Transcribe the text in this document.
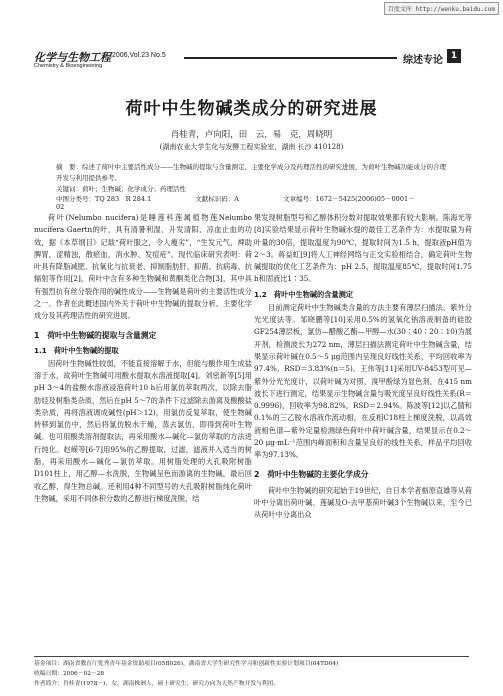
百度文库 http://wenku.baidu.com
化学与生物工程 2006,Vol.23 No.5
Chemistry & Bioengineering	综述专论 1
荷叶中生物碱类成分的研究进展
肖桂青，卢向阳，田　云，易　克，周晓明
(湖南农业大学生化与发酵工程实验室，湖南 长沙 410128)
摘　要：综述了荷叶中主要活性成分——生物碱的提取与含量测定、主要化学成分及药理活性的研究进展，为荷叶生物碱功能成分的合理开发与利用提供参考。
关键词：荷叶；生物碱；化学成分；药理活性
中图分类号：TQ 283　R 284.1	文献标识码：A	文章编号：1672－5425(2006)05－0001－02

荷叶(Nelumbo nucifera)是睡莲科莲属植物莲Nelumbo nucifera Gaertn的叶，具有清暑利湿、升发清阳、凉血止血的功效，据《本草纲目》记载“荷叶服之，令人瘦劣”，“生发元气，裨助脾胃，涩精浊，散瘀血，消水肿、发痘疮”。现代临床研究表明：荷叶具有降脂减肥、抗氧化与抗衰老、抑制脂肪肝、抑菌、抗病毒、抗辐射等作用[2]。荷叶中含有多种生物碱和黄酮类化合物[3]，其中具有强烈抗有丝分裂作用的碱性成分——生物碱是荷叶的主要活性成分之一。作者在此概述国内外关于荷叶中生物碱的提取分析、主要化学成分及其药理活性的研究进展。

1　荷叶中生物碱的提取与含量测定
1.1　荷叶中生物碱的提取

因荷叶生物碱性较弱，不能直接溶解于水，但能与酸作用生成盐溶于水，故荷叶生物碱可用酸水提取水溶液提取[4]。刘密新等[5]用pH 3～4的盐酸水溶液浸泡荷叶10 h后用氯仿萃取两次，以除去脂肪烃及树脂类杂质，然后在pH 5～7的条件下过滤除去游离及酸酸盐类杂质，再将溶液调成碱性(pH＞12)，用氯仿反复萃取，使生物碱转移到氯仿中，然后将氯仿脱水干燥，蒸去氯仿，即得到荷叶生物碱。也可用酸类溶剂提取法，再采用酸水—碱化—氯仿萃取的方法进行纯化。赵嵘等[6-7]用95%的乙醇提取，过滤，滤液并入适当的树脂，再采用酸水—碱化—氯仿萃取。用树脂处理的大孔吸附树脂D101柱上，用乙醇—水洗脱，生物碱呈色而游离的生物碱，最后回收乙醇，得生物总碱。还利用4种不同型号的大孔吸附树脂纯化荷叶生物碱，采用不同体积分数的乙醇进行梯度洗脱，结

果发现树脂型号和乙醇体积分数对提取效果都有较大影响。陈海光等[8]实验结果显示荷叶生物碱水提的最佳工艺条件为：水提取量为荷叶量的30倍，提取温度为90℃，提取时间为1.5 h，提取液pH值为2～3。蒋益虹[9]将人工神经网络与正交实验相结合，确定荷叶生物碱提取的优化工艺条件为：pH 2.5，提取温度85℃，提取时间1.75 h和固液比1∶35。

1.2　荷叶中生物碱的含量测定

目前测定荷叶中生物碱类含量的方法主要有薄层扫描法、紫外分光光度法等。邹晓鹏等[10]采用0.5%的氢氧化钠溶液制备的硅胶GF254薄层板，氯仿—醋酸乙酯—甲醇—水(30∶40∶20∶10)为展开剂，检测波长为272 nm，薄层扫描法测定荷叶中生物碱含量，结果显示荷叶碱在0.5～5 μg范围内呈现良好线性关系，平均回收率为97.4%，RSD＝3.83%(n＝5)。王伟等[11]采用UV-8453型可见—紫外分光光度计，以荷叶碱为对照，溴甲酚绿为显色剂，在415 nm波长下进行测定，结果显示生物碱含量与吸光度呈良好线性关系(R＝0.9996)，回收率为98.82%，RSD＝2.94%。陈波等[12]以乙腈和0.1%的三乙胺水溶液作流动相，在反相C18柱上梯度洗脱，以高效液相色谱—紫外定量检测绿色荷叶中荷叶碱含量，结果显示在0.2～20 μg·mL⁻¹范围内峰面积和含量呈良好的线性关系，样品平均回收率为97.13%。

2　荷叶中生物碱的主要化学成分

荷叶中生物碱的研究起始于19世纪，自日本学者栃原直雄等从荷叶中分离出荷叶碱、莲碱及O-去甲基荷叶碱3个生物碱以来，至今已从荷叶中分离出众

基金项目：湖南省教育厅优秀青年基金资助项目(05B026)，湖南省大学生研究性学习和创新性实验计划项目(04TD04)
收稿日期：2006－02－28
作者简介：肖桂青(1978－)，女，湖南株洲人，硕士研究生，研究方向为天然产物开发与利用。
